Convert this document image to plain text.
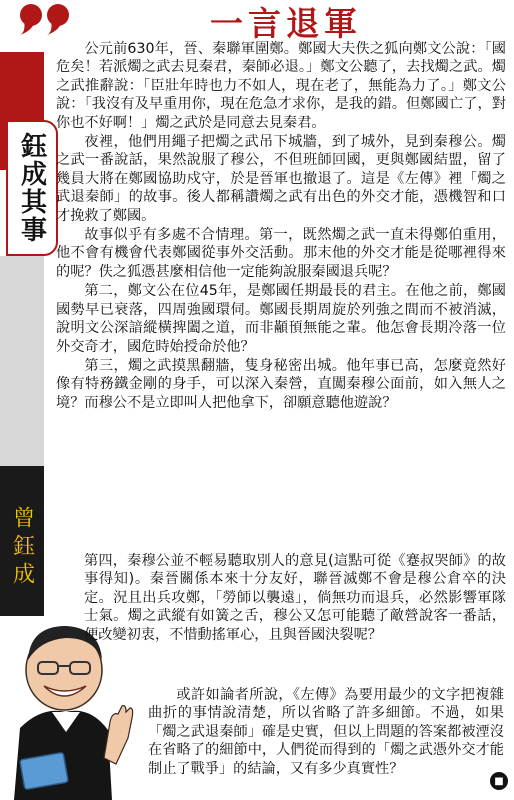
一言退軍
鈺成其事
曾鈺成

公元前630年，晉、秦聯軍圍鄭。鄭國大夫佚之狐向鄭文公說：「國危矣！若派燭之武去見秦君，秦師必退。」鄭文公聽了，去找燭之武。燭之武推辭說：「臣壯年時也力不如人，現在老了，無能為力了。」鄭文公說：「我沒有及早重用你，現在危急才求你，是我的錯。但鄭國亡了，對你也不好啊！」燭之武於是同意去見秦君。

夜裡，他們用繩子把燭之武吊下城牆，到了城外，見到秦穆公。燭之武一番說話，果然說服了穆公，不但班師回國，更與鄭國結盟，留了幾員大將在鄭國協助戍守，於是晉軍也撤退了。這是《左傳》裡「燭之武退秦師」的故事。後人都稱讚燭之武有出色的外交才能，憑機智和口才挽救了鄭國。

故事似乎有多處不合情理。第一，既然燭之武一直未得鄭伯重用，他不會有機會代表鄭國從事外交活動。那末他的外交才能是從哪裡得來的呢？佚之狐憑甚麼相信他一定能夠說服秦國退兵呢？

第二，鄭文公在位45年，是鄭國任期最長的君主。在他之前，鄭國國勢早已衰落，四周強國環伺。鄭國長期周旋於列強之間而不被消滅，說明文公深諳縱橫捭闔之道，而非顢頇無能之輩。他怎會長期冷落一位外交奇才，國危時始授命於他？

第三，燭之武摸黑翻牆，隻身秘密出城。他年事已高，怎麼竟然好像有特務鐵金剛的身手，可以深入秦營，直闖秦穆公面前，如入無人之境？而穆公不是立即叫人把他拿下，卻願意聽他遊說？

第四，秦穆公並不輕易聽取別人的意見(這點可從《蹇叔哭師》的故事得知)。秦晉關係本來十分友好，聯晉滅鄭不會是穆公倉卒的決定。況且出兵攻鄭，「勞師以襲遠」，倘無功而退兵，必然影響軍隊士氣。燭之武縱有如簧之舌，穆公又怎可能聽了敵營說客一番話，便改變初衷，不惜動搖軍心，且與晉國決裂呢？

或許如論者所說，《左傳》為要用最少的文字把複雜曲折的事情說清楚，所以省略了許多細節。不過，如果「燭之武退秦師」確是史實，但以上問題的答案都被湮沒在省略了的細節中，人們從而得到的「燭之武憑外交才能制止了戰爭」的結論，又有多少真實性？

■
